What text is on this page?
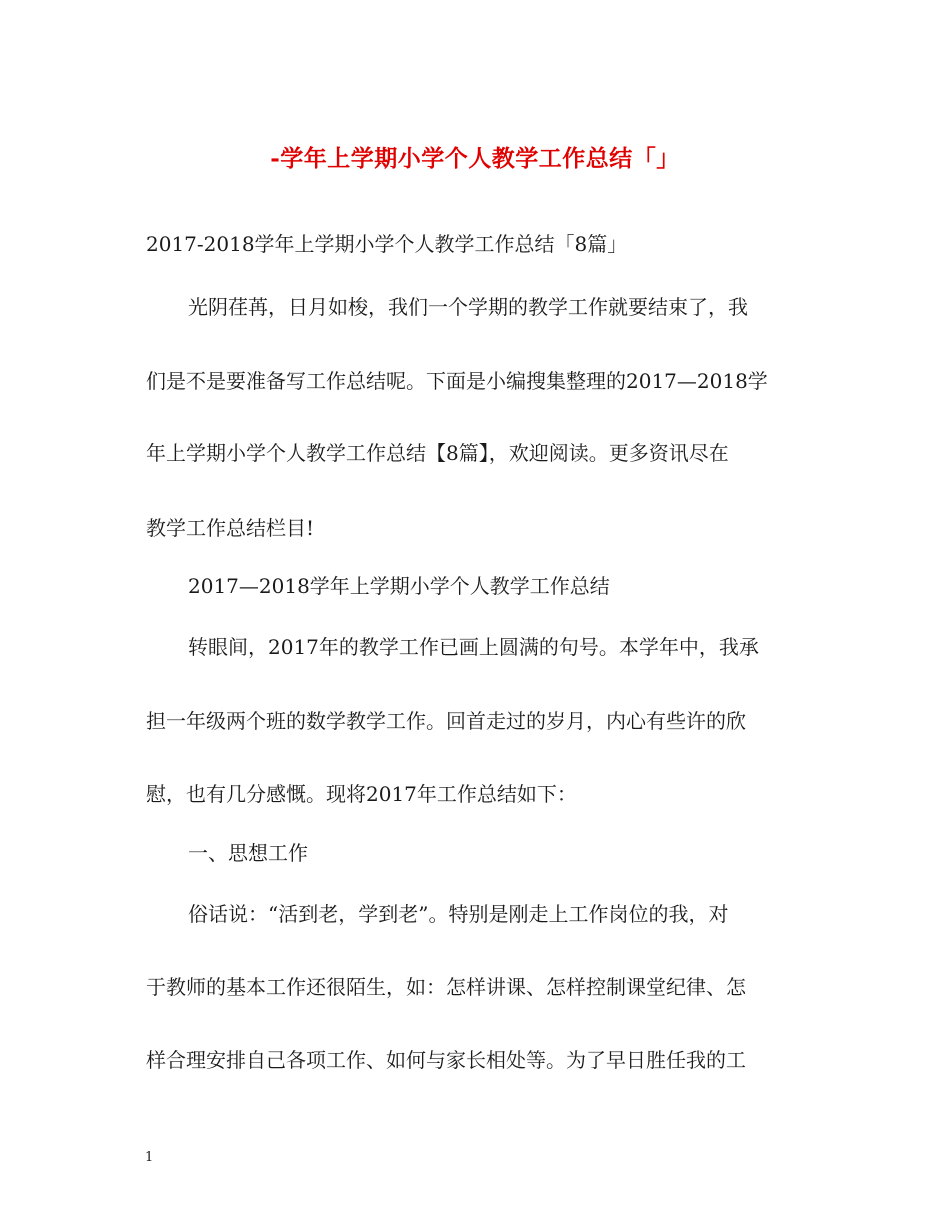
-学年上学期小学个人教学工作总结「」
2017-2018学年上学期小学个人教学工作总结「8篇」
光阴荏苒，日月如梭，我们一个学期的教学工作就要结束了，我
们是不是要准备写工作总结呢。下面是小编搜集整理的2017—2018学
年上学期小学个人教学工作总结【8篇】，欢迎阅读。更多资讯尽在
教学工作总结栏目!
2017—2018学年上学期小学个人教学工作总结
转眼间，2017年的教学工作已画上圆满的句号。本学年中，我承
担一年级两个班的数学教学工作。回首走过的岁月，内心有些许的欣
慰，也有几分感慨。现将2017年工作总结如下：
一、思想工作
俗话说：“活到老，学到老”。特别是刚走上工作岗位的我，对
于教师的基本工作还很陌生，如：怎样讲课、怎样控制课堂纪律、怎
样合理安排自己各项工作、如何与家长相处等。为了早日胜任我的工
1
